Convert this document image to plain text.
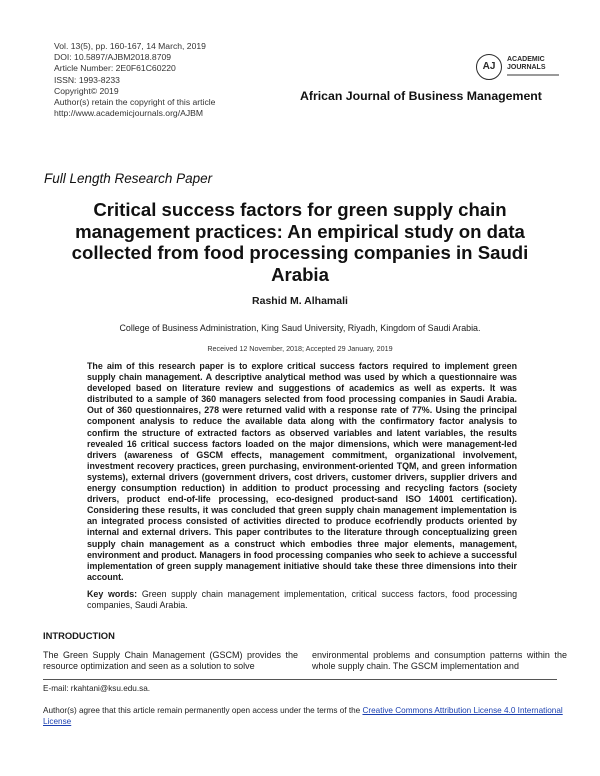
Vol. 13(5), pp. 160-167, 14 March, 2019
DOI: 10.5897/AJBM2018.8709
Article Number: 2E0F61C60220
ISSN: 1993-8233
Copyright© 2019
Author(s) retain the copyright of this article
http://www.academicjournals.org/AJBM
AJ
ACADEMIC
JOURNALS
African Journal of Business Management
Full Length Research Paper
Critical success factors for green supply chain management practices: An empirical study on data collected from food processing companies in Saudi Arabia
Rashid M. Alhamali
College of Business Administration, King Saud University, Riyadh, Kingdom of Saudi Arabia.
Received 12 November, 2018; Accepted 29 January, 2019
The aim of this research paper is to explore critical success factors required to implement green supply chain management. A descriptive analytical method was used by which a questionnaire was developed based on literature review and suggestions of academics as well as experts. It was distributed to a sample of 360 managers selected from food processing companies in Saudi Arabia. Out of 360 questionnaires, 278 were returned valid with a response rate of 77%. Using the principal component analysis to reduce the available data along with the confirmatory factor analysis to confirm the structure of extracted factors as observed variables and latent variables, the results revealed 16 critical success factors loaded on the major dimensions, which were management-led drivers (awareness of GSCM effects, management commitment, organizational involvement, investment recovery practices, green purchasing, environment-oriented TQM, and green information systems), external drivers (government drivers, cost drivers, customer drivers, supplier drivers and energy consumption reduction) in addition to product processing and recycling factors (society drivers, product end-of-life processing, eco-designed product-sand ISO 14001 certification). Considering these results, it was concluded that green supply chain management implementation is an integrated process consisted of activities directed to produce ecofriendly products oriented by internal and external drivers. This paper contributes to the literature through conceptualizing green supply chain management as a construct which embodies three major elements, management, environment and product. Managers in food processing companies who seek to achieve a successful implementation of green supply management initiative should take these three dimensions into their account.
Key words: Green supply chain management implementation, critical success factors, food processing companies, Saudi Arabia.
INTRODUCTION
The Green Supply Chain Management (GSCM) provides the resource optimization and seen as a solution to solve
environmental problems and consumption patterns within the whole supply chain. The GSCM implementation and
E-mail: rkahtani@ksu.edu.sa.
Author(s) agree that this article remain permanently open access under the terms of the Creative Commons Attribution License 4.0 International License
